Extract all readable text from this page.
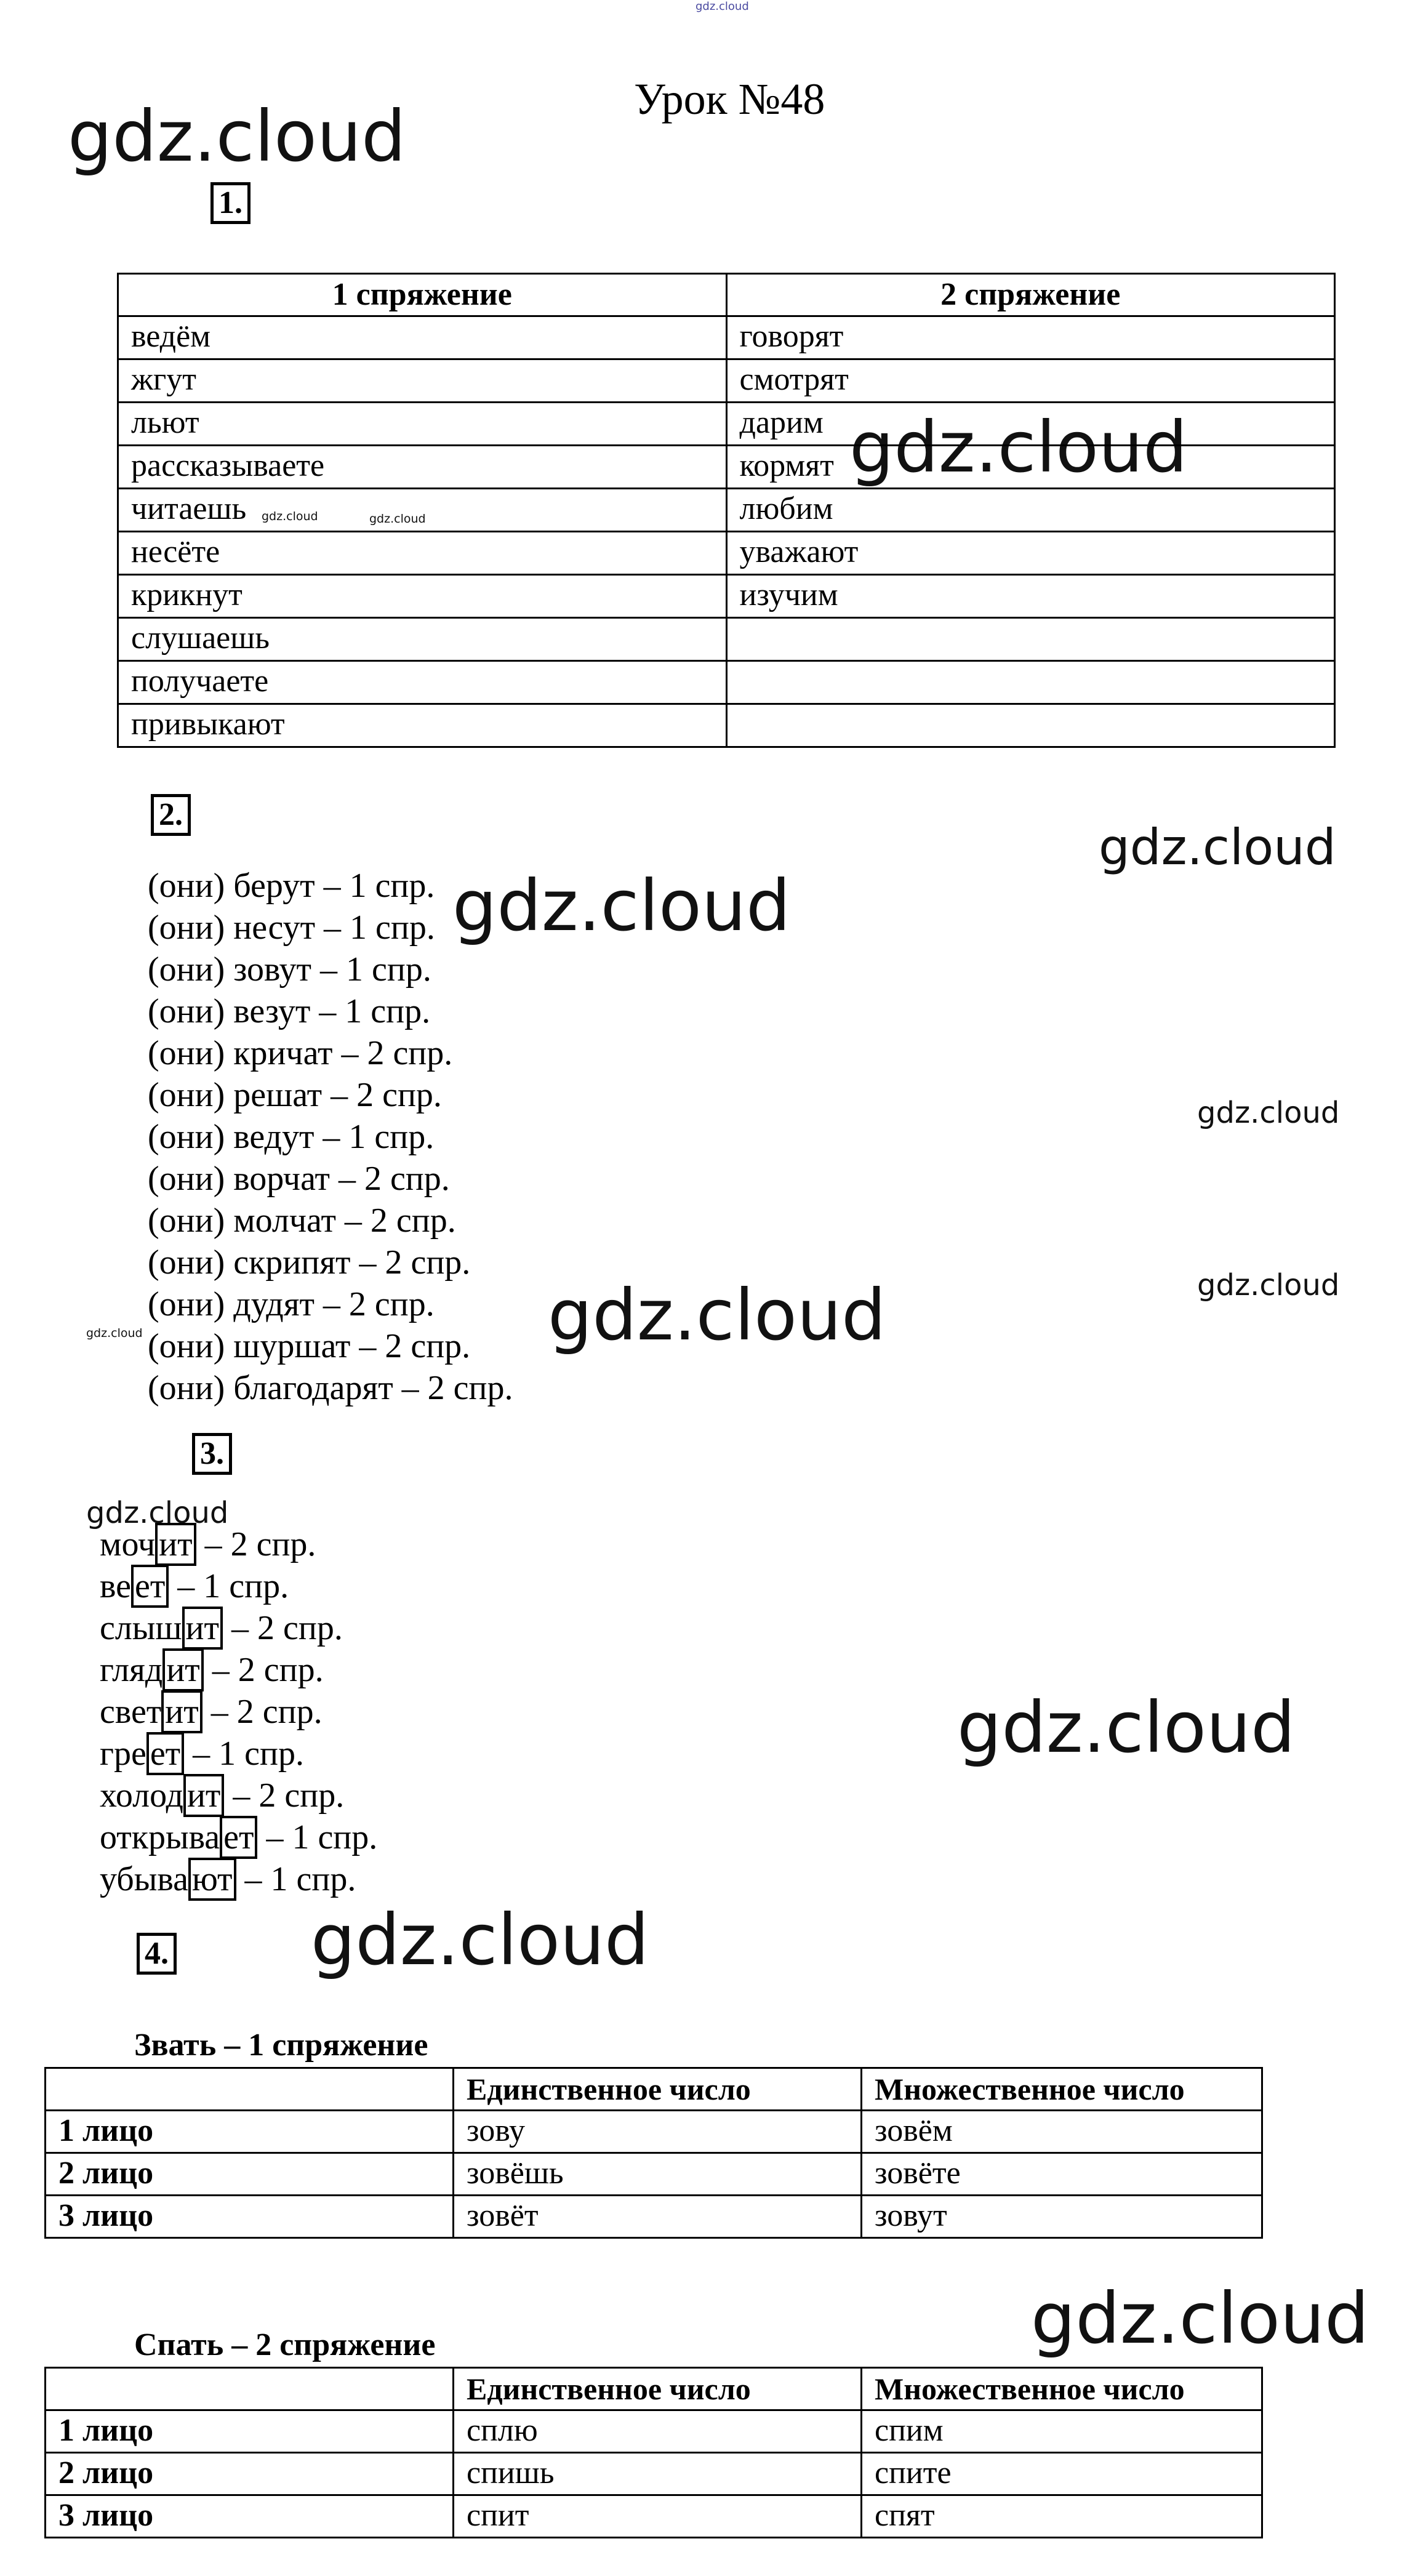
gdz.cloud
gdz.cloud
gdz.cloud
gdz.cloud	gdz.cloud
gdz.cloud
gdz.cloud
gdz.cloud
gdz.cloud
gdz.cloud
gdz.cloud
gdz.cloud
gdz.cloud
gdz.cloud
gdz.cloud
Урок №48
1.
1 спряжение	2 спряжение
ведём	говорят
жгут	смотрят
льют	дарим
рассказываете	кормят
читаешь	любим
несёте	уважают
крикнут	изучим
слушаешь	
получаете	
привыкают	
2.
(они) берут – 1 спр.
(они) несут – 1 спр.
(они) зовут – 1 спр.
(они) везут – 1 спр.
(они) кричат – 2 спр.
(они) решат – 2 спр.
(они) ведут – 1 спр.
(они) ворчат – 2 спр.
(они) молчат – 2 спр.
(они) скрипят – 2 спр.
(они) дудят – 2 спр.
(они) шуршат – 2 спр.
(они) благодарят – 2 спр.
3.
моч ит – 2 спр.
ве ет – 1 спр.
слыш ит – 2 спр.
гляд ит – 2 спр.
свет ит – 2 спр.
гре ет – 1 спр.
холод ит – 2 спр.
открыва ет – 1 спр.
убыва ют – 1 спр.
4.
Звать – 1 спряжение
	Единственное число	Множественное число
1 лицо	зову	зовём
2 лицо	зовёшь	зовёте
3 лицо	зовёт	зовут
Спать – 2 спряжение
	Единственное число	Множественное число
1 лицо	сплю	спим
2 лицо	спишь	спите
3 лицо	спит	спят
